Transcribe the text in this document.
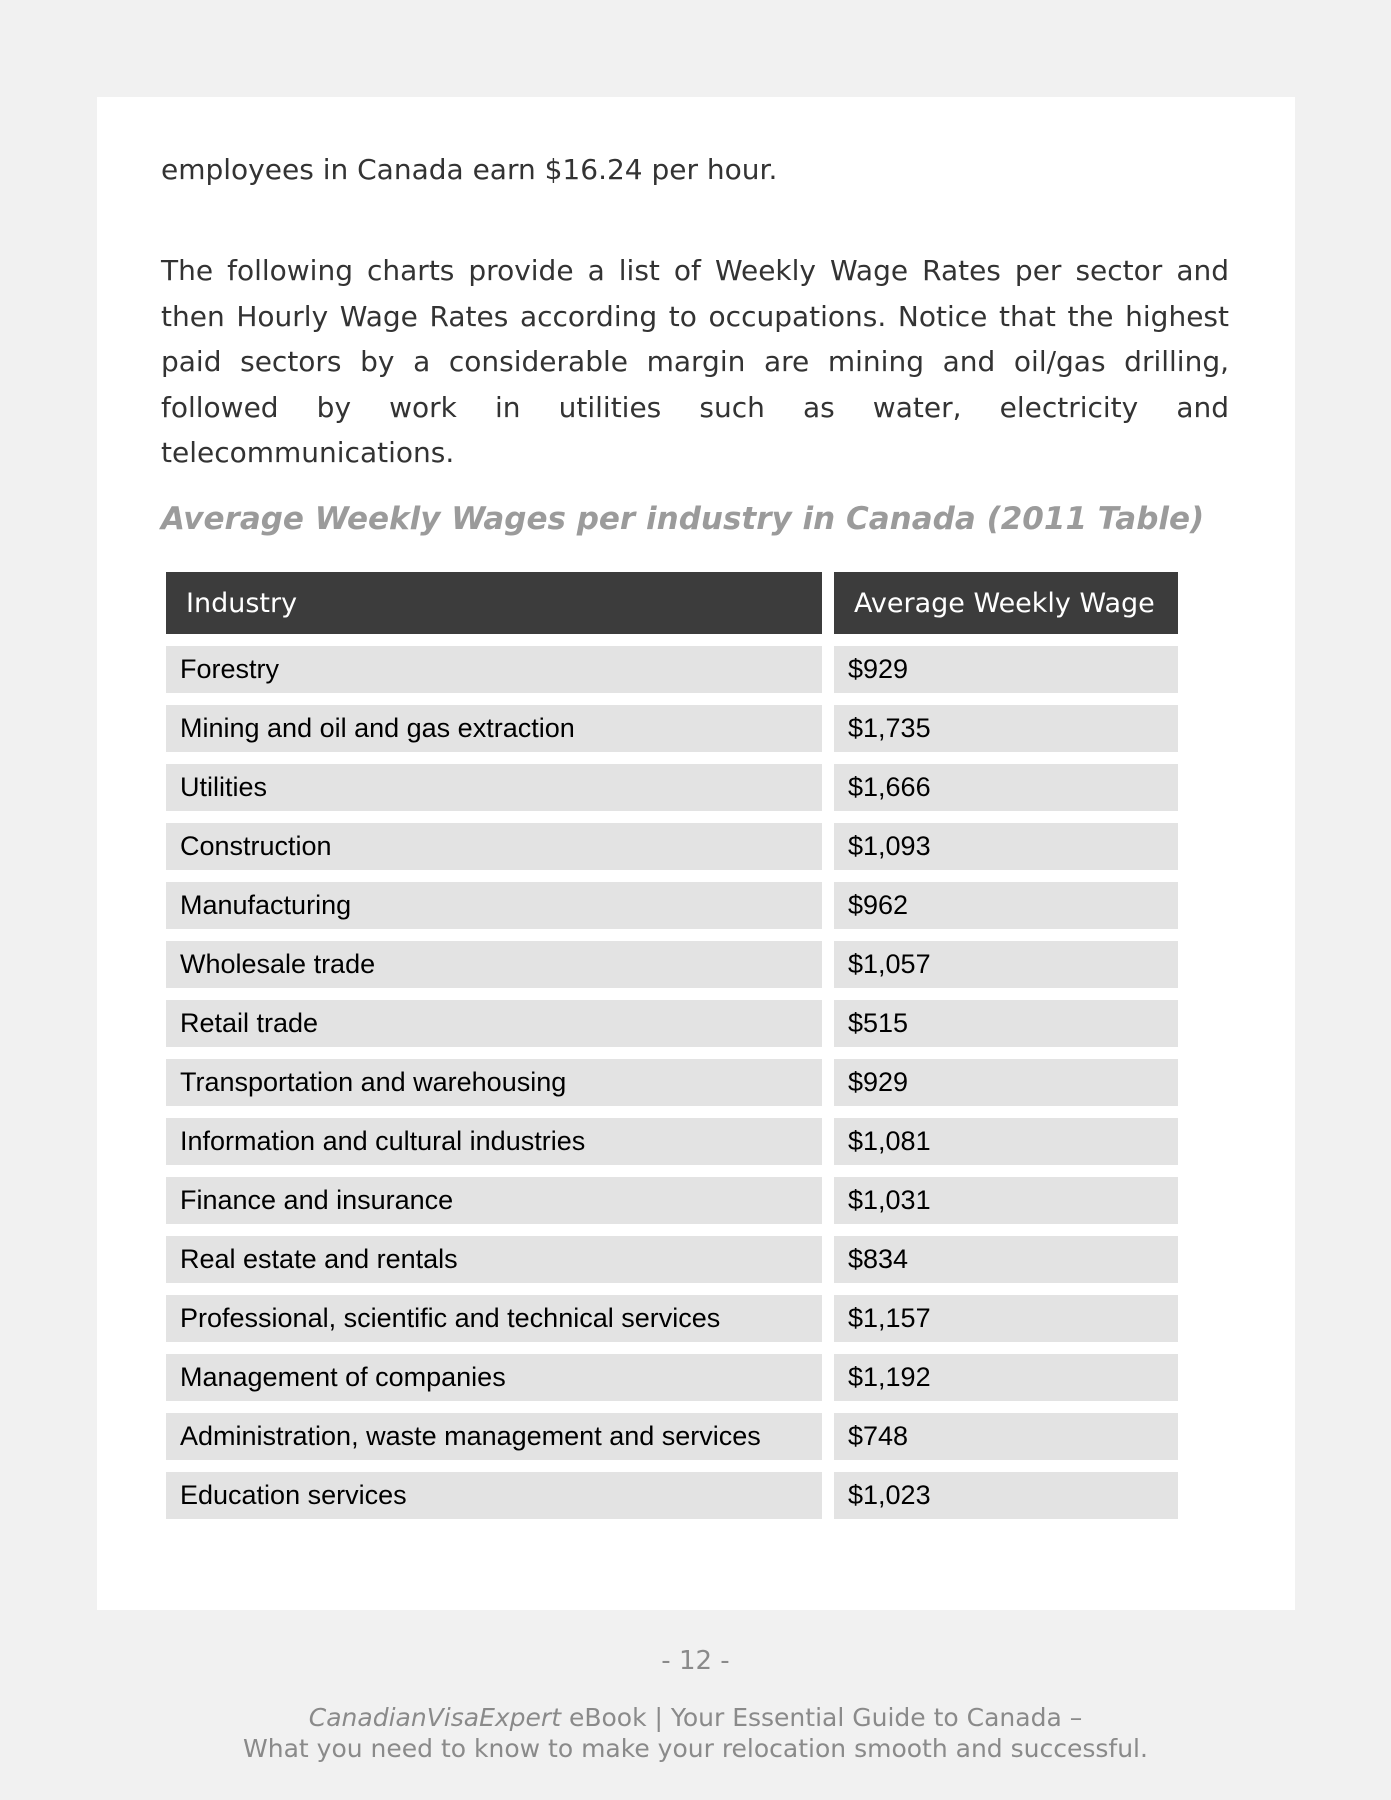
employees in Canada earn $16.24 per hour.

The following charts provide a list of Weekly Wage Rates per sector and then Hourly Wage Rates according to occupations. Notice that the highest paid sectors by a considerable margin are mining and oil/gas drilling, followed by work in utilities such as water, electricity and telecommunications.

Average Weekly Wages per industry in Canada (2011 Table)
Industry		Average Weekly Wage
Forestry		$929
Mining and oil and gas extraction		$1,735
Utilities		$1,666
Construction		$1,093
Manufacturing		$962
Wholesale trade		$1,057
Retail trade		$515
Transportation and warehousing		$929
Information and cultural industries		$1,081
Finance and insurance		$1,031
Real estate and rentals		$834
Professional, scientific and technical services		$1,157
Management of companies		$1,192
Administration, waste management and services		$748
Education services		$1,023

- 12 -

CanadianVisaExpert eBook | Your Essential Guide to Canada –
What you need to know to make your relocation smooth and successful.
